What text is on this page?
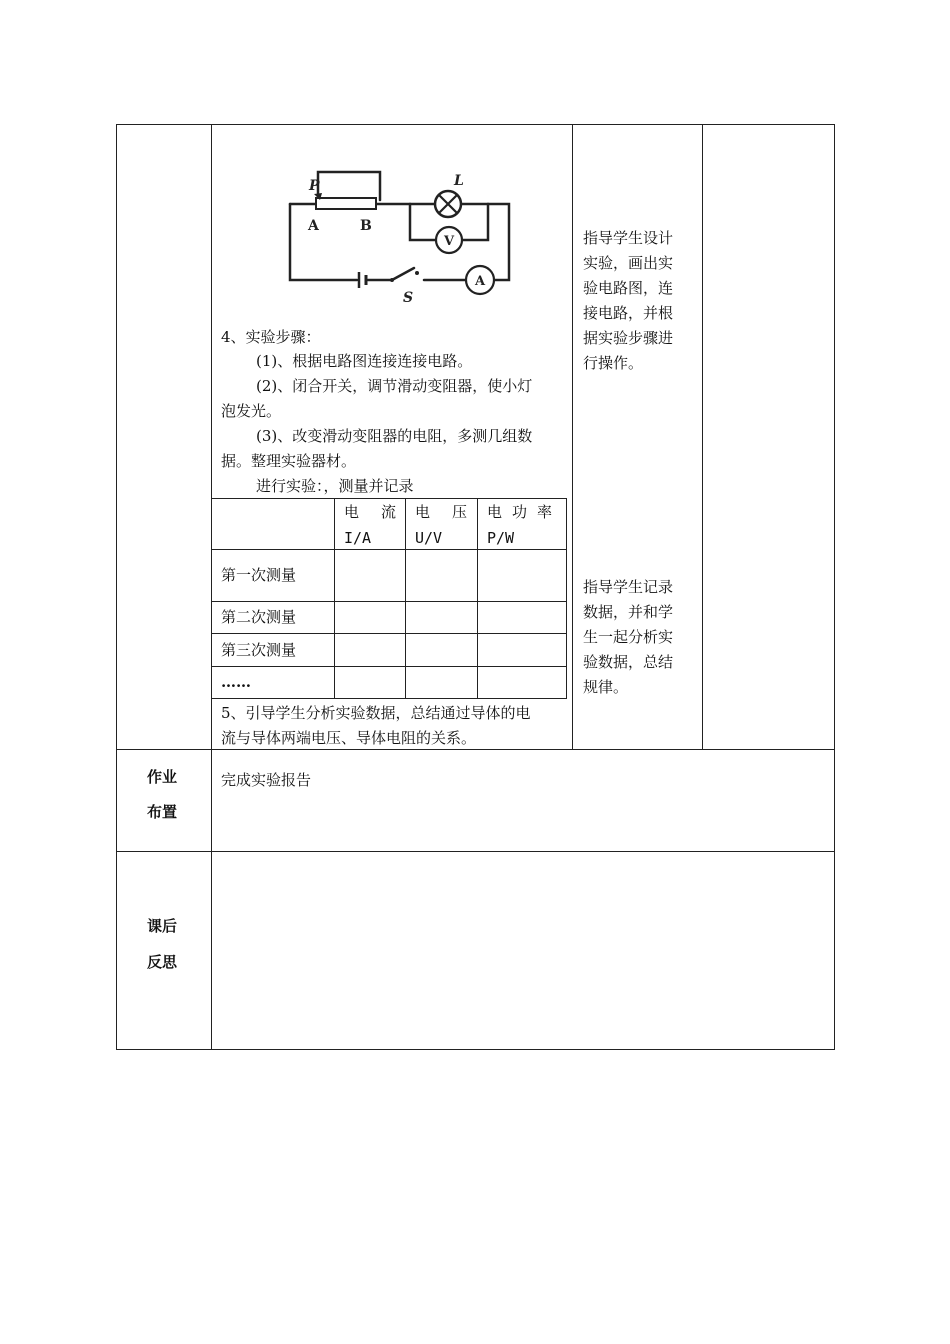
P	L
S
A	B
V
A
4、实验步骤：
(1)、根据电路图连接连接电路。
(2)、闭合开关，调节滑动变阻器，使小灯
泡发光。
(3)、改变滑动变阻器的电阻，多测几组数
据。整理实验器材。
进行实验：，测量并记录
电流
I/A
电压
U/V
电功率
P/W
第一次测量
第二次测量
第三次测量
……
5、引导学生分析实验数据，总结通过导体的电
流与导体两端电压、导体电阻的关系。
指导学生设计
实验，画出实
验电路图，连
接电路，并根
据实验步骤进
行操作。
指导学生记录
数据，并和学
生一起分析实
验数据，总结
规律。
作业
布置
完成实验报告
课后
反思
